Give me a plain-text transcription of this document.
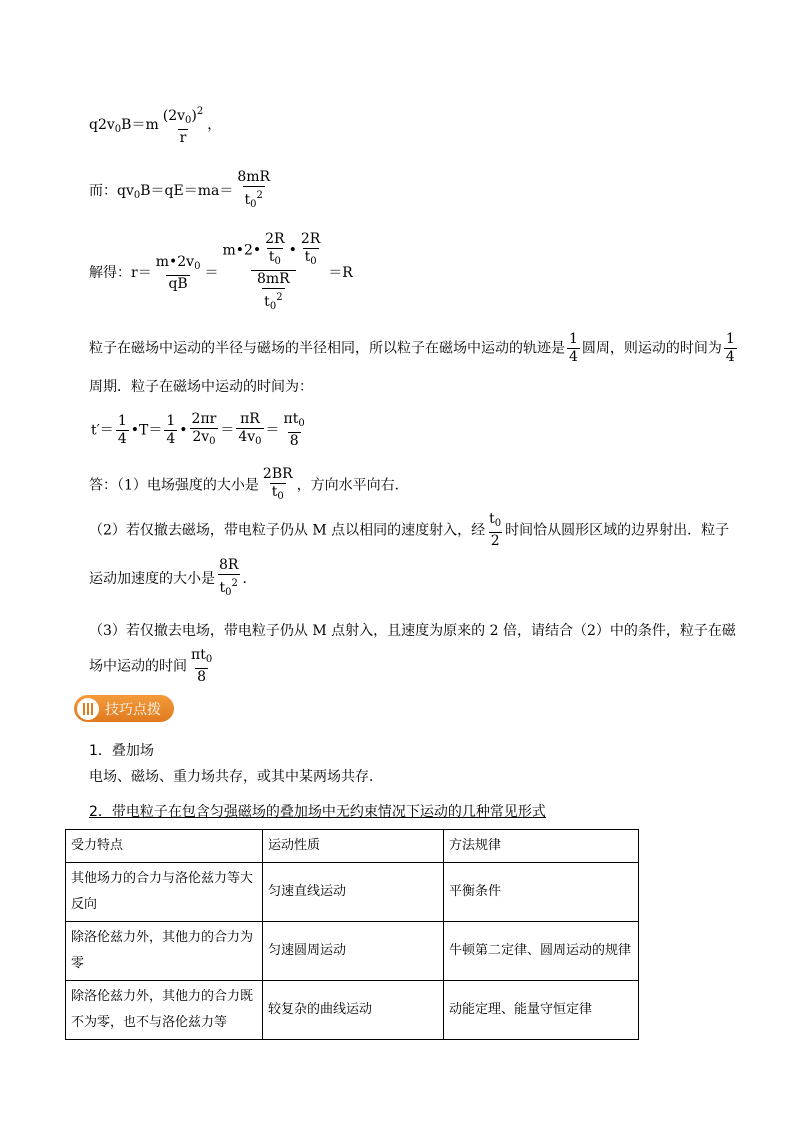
$q2v_0B=m \frac{(2v_0)^2}{r}$ ，
而：$qv_0B=qE=ma= \frac{8mR}{t_0^2}$
解得：$r= \frac{m•2v_0}{qB} = \frac{m•2• \frac{2R}{t_0} • \frac{2R}{t_0}}{\frac{8mR}{t_0^2}} =R$
粒子在磁场中运动的半径与磁场的半径相同，所以粒子在磁场中运动的轨迹是 $\frac{1}{4}$ 圆周，则运动的时间为 $\frac{1}{4}$
周期．粒子在磁场中运动的时间为：
$t'= \frac{1}{4}$ •T＝ $\frac{1}{4}$ • $\frac{2\pi r}{2v_0} = \frac{\pi R}{4v_0} = \frac{\pi t_0}{8}$
答：（1）电场强度的大小是 $\frac{2BR}{t_0}$ ，方向水平向右．
（2）若仅撤去磁场，带电粒子仍从 M 点以相同的速度射入，经 $\frac{t_0}{2}$ 时间恰从圆形区域的边界射出．粒子
运动加速度的大小是 $\frac{8R}{t_0^2}$ ．
（3）若仅撤去电场，带电粒子仍从 M 点射入，且速度为原来的 2 倍，请结合（2）中的条件，粒子在磁
场中运动的时间 $\frac{\pi t_0}{8}$
技巧点拨
1．叠加场
电场、磁场、重力场共存，或其中某两场共存．
2．带电粒子在包含匀强磁场的叠加场中无约束情况下运动的几种常见形式
受力特点	运动性质	方法规律
其他场力的合力与洛伦兹力等大反向	匀速直线运动	平衡条件
除洛伦兹力外，其他力的合力为零	匀速圆周运动	牛顿第二定律、圆周运动的规律
除洛伦兹力外，其他力的合力既不为零，也不与洛伦兹力等	较复杂的曲线运动	动能定理、能量守恒定律
